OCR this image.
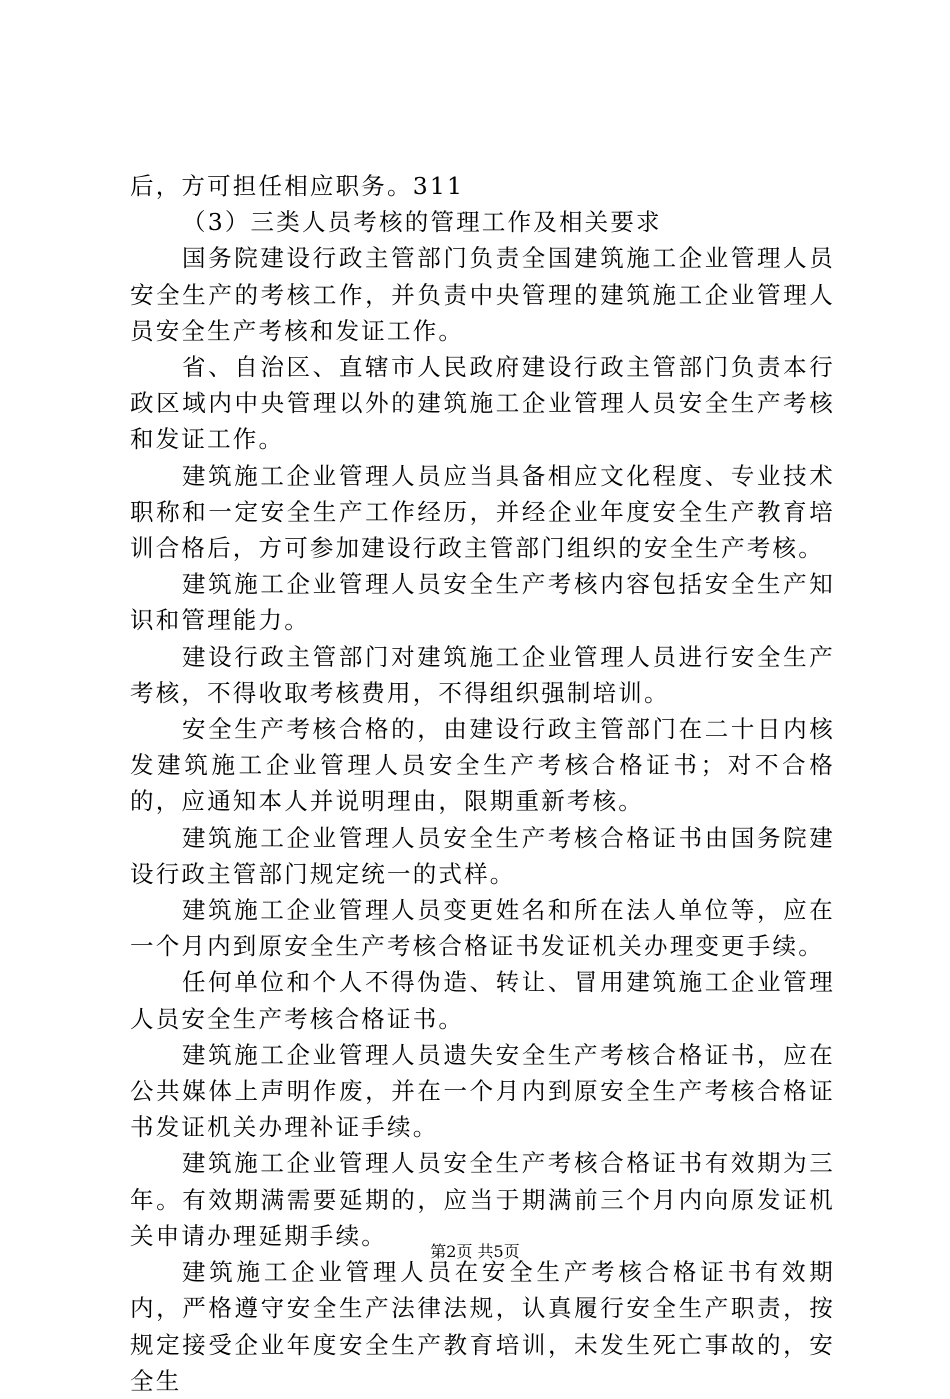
后，方可担任相应职务。311

（3）三类人员考核的管理工作及相关要求

国务院建设行政主管部门负责全国建筑施工企业管理人员安全生产的考核工作，并负责中央管理的建筑施工企业管理人员安全生产考核和发证工作。

省、自治区、直辖市人民政府建设行政主管部门负责本行政区域内中央管理以外的建筑施工企业管理人员安全生产考核和发证工作。

建筑施工企业管理人员应当具备相应文化程度、专业技术职称和一定安全生产工作经历，并经企业年度安全生产教育培训合格后，方可参加建设行政主管部门组织的安全生产考核。

建筑施工企业管理人员安全生产考核内容包括安全生产知识和管理能力。

建设行政主管部门对建筑施工企业管理人员进行安全生产考核，不得收取考核费用，不得组织强制培训。

安全生产考核合格的，由建设行政主管部门在二十日内核发建筑施工企业管理人员安全生产考核合格证书；对不合格的，应通知本人并说明理由，限期重新考核。

建筑施工企业管理人员安全生产考核合格证书由国务院建设行政主管部门规定统一的式样。

建筑施工企业管理人员变更姓名和所在法人单位等，应在一个月内到原安全生产考核合格证书发证机关办理变更手续。

任何单位和个人不得伪造、转让、冒用建筑施工企业管理人员安全生产考核合格证书。

建筑施工企业管理人员遗失安全生产考核合格证书，应在公共媒体上声明作废，并在一个月内到原安全生产考核合格证书发证机关办理补证手续。

建筑施工企业管理人员安全生产考核合格证书有效期为三年。有效期满需要延期的，应当于期满前三个月内向原发证机关申请办理延期手续。

建筑施工企业管理人员在安全生产考核合格证书有效期内，严格遵守安全生产法律法规，认真履行安全生产职责，按规定接受企业年度安全生产教育培训，未发生死亡事故的，安全生

第2页 共5页
